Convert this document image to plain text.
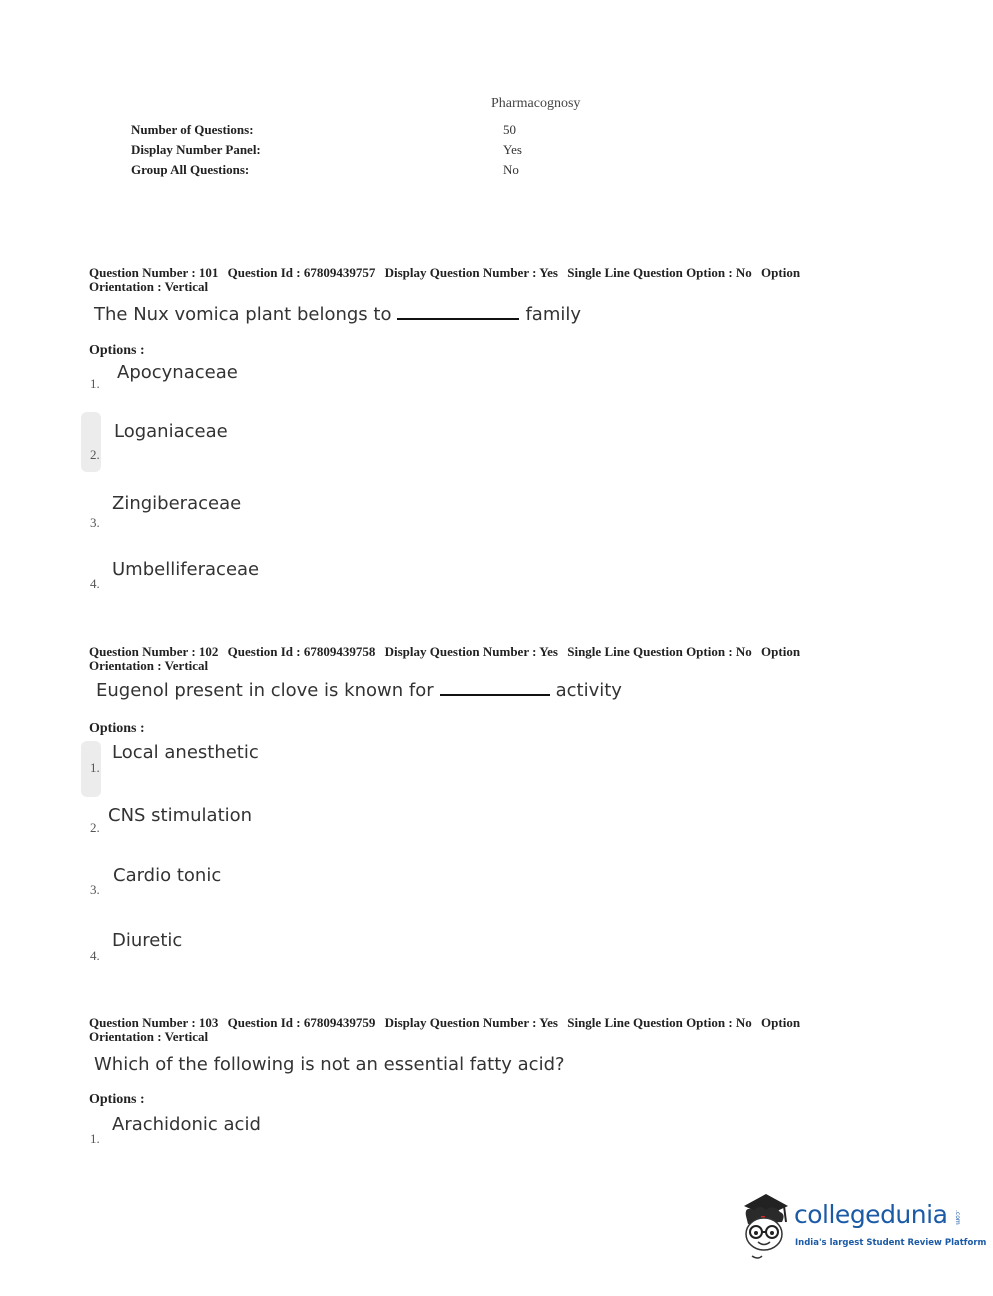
Pharmacognosy
Number of Questions:	50
Display Number Panel:	Yes
Group All Questions:	No
Question Number : 101 Question Id : 67809439757 Display Question Number : Yes Single Line Question Option : No Option
Orientation : Vertical
The Nux vomica plant belongs to	family
Options :
1.
Apocynaceae
2.
Loganiaceae
3.
Zingiberaceae
4.
Umbelliferaceae
Question Number : 102 Question Id : 67809439758 Display Question Number : Yes Single Line Question Option : No Option
Orientation : Vertical
Eugenol present in clove is known for	activity
Options :
1.
Local anesthetic
2.
CNS stimulation
3.
Cardio tonic
4.
Diuretic
Question Number : 103 Question Id : 67809439759 Display Question Number : Yes Single Line Question Option : No Option
Orientation : Vertical
Which of the following is not an essential fatty acid?
Options :
1.
Arachidonic acid
collegedunia .com
India's largest Student Review Platform
